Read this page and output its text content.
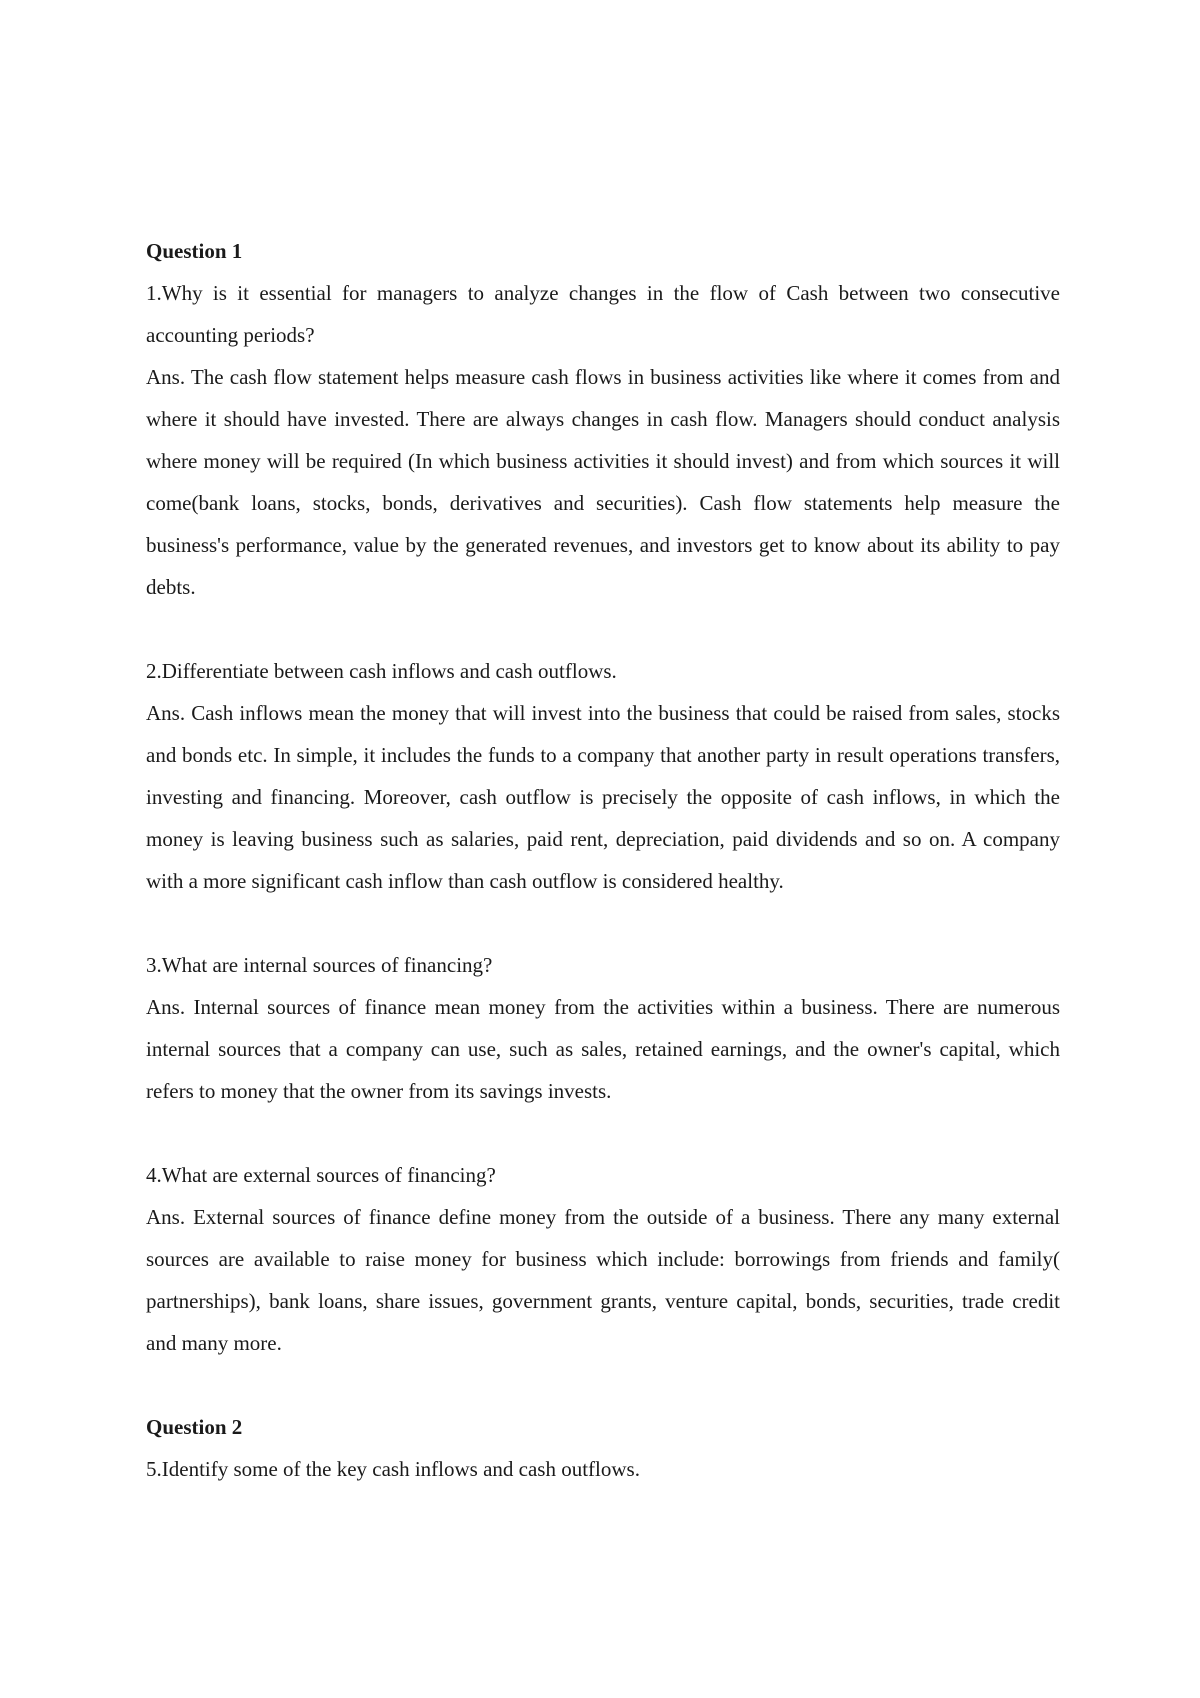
Question 1

1.Why is it essential for managers to analyze changes in the flow of Cash between two consecutive accounting periods?

Ans. The cash flow statement helps measure cash flows in business activities like where it comes from and where it should have invested. There are always changes in cash flow. Managers should conduct analysis where money will be required (In which business activities it should invest) and from which sources it will come(bank loans, stocks, bonds, derivatives and securities). Cash flow statements help measure the business's performance, value by the generated revenues, and investors get to know about its ability to pay debts.

2.Differentiate between cash inflows and cash outflows.

Ans. Cash inflows mean the money that will invest into the business that could be raised from sales, stocks and bonds etc. In simple, it includes the funds to a company that another party in result operations transfers, investing and financing. Moreover, cash outflow is precisely the opposite of cash inflows, in which the money is leaving business such as salaries, paid rent, depreciation, paid dividends and so on. A company with a more significant cash inflow than cash outflow is considered healthy.

3.What are internal sources of financing?

Ans. Internal sources of finance mean money from the activities within a business. There are numerous internal sources that a company can use, such as sales, retained earnings, and the owner's capital, which refers to money that the owner from its savings invests.

4.What are external sources of financing?

Ans. External sources of finance define money from the outside of a business. There any many external sources are available to raise money for business which include: borrowings from friends and family( partnerships), bank loans, share issues, government grants, venture capital, bonds, securities, trade credit and many more.

Question 2

5.Identify some of the key cash inflows and cash outflows.
